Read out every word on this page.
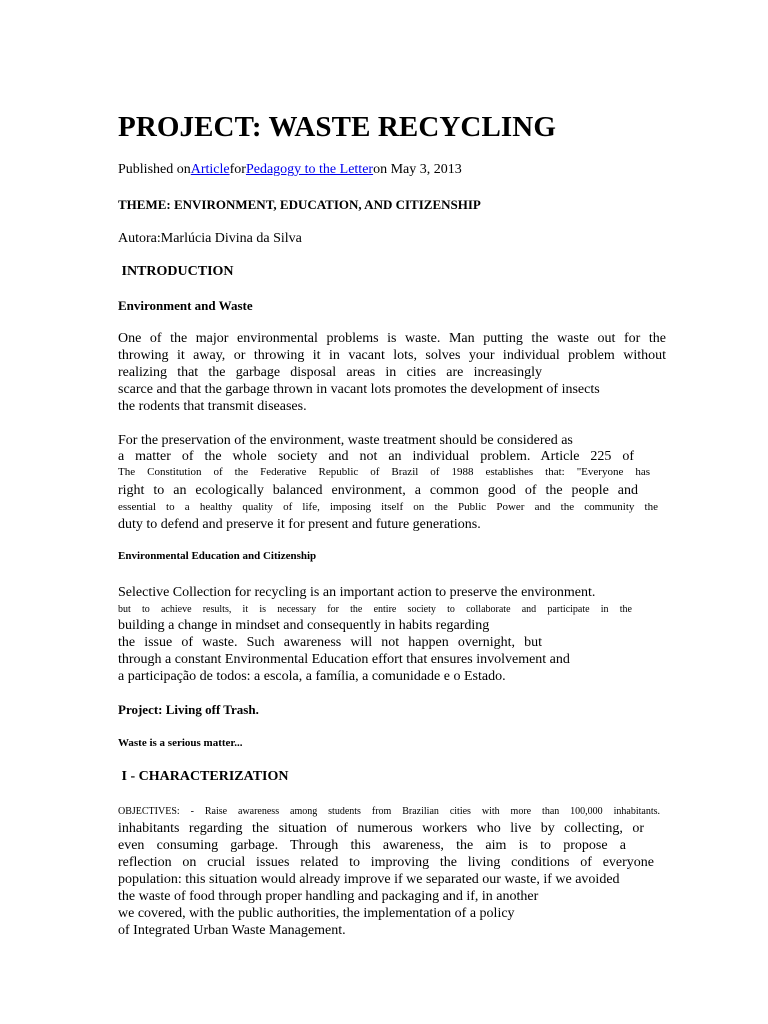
PROJECT: WASTE RECYCLING
Published onArticleforPedagogy to the Letteron May 3, 2013
THEME: ENVIRONMENT, EDUCATION, AND CITIZENSHIP
Autora:Marlúcia Divina da Silva
INTRODUCTION
Environment and Waste
One of the major environmental problems is waste. Man putting the waste out for the
throwing it away, or throwing it in vacant lots, solves your individual problem without
realizing that the garbage disposal areas in cities are increasingly
scarce and that the garbage thrown in vacant lots promotes the development of insects
the rodents that transmit diseases.
For the preservation of the environment, waste treatment should be considered as
a matter of the whole society and not an individual problem. Article 225 of
The Constitution of the Federative Republic of Brazil of 1988 establishes that: "Everyone has
right to an ecologically balanced environment, a common good of the people and
essential to a healthy quality of life, imposing itself on the Public Power and the community the
duty to defend and preserve it for present and future generations.
Environmental Education and Citizenship
Selective Collection for recycling is an important action to preserve the environment.
but to achieve results, it is necessary for the entire society to collaborate and participate in the
building a change in mindset and consequently in habits regarding
the issue of waste. Such awareness will not happen overnight, but
through a constant Environmental Education effort that ensures involvement and
a participação de todos: a escola, a família, a comunidade e o Estado.
Project: Living off Trash.
Waste is a serious matter...
I - CHARACTERIZATION
OBJECTIVES: - Raise awareness among students from Brazilian cities with more than 100,000 inhabitants.
inhabitants regarding the situation of numerous workers who live by collecting, or
even consuming garbage. Through this awareness, the aim is to propose a
reflection on crucial issues related to improving the living conditions of everyone
population: this situation would already improve if we separated our waste, if we avoided
the waste of food through proper handling and packaging and if, in another
we covered, with the public authorities, the implementation of a policy
of Integrated Urban Waste Management.
